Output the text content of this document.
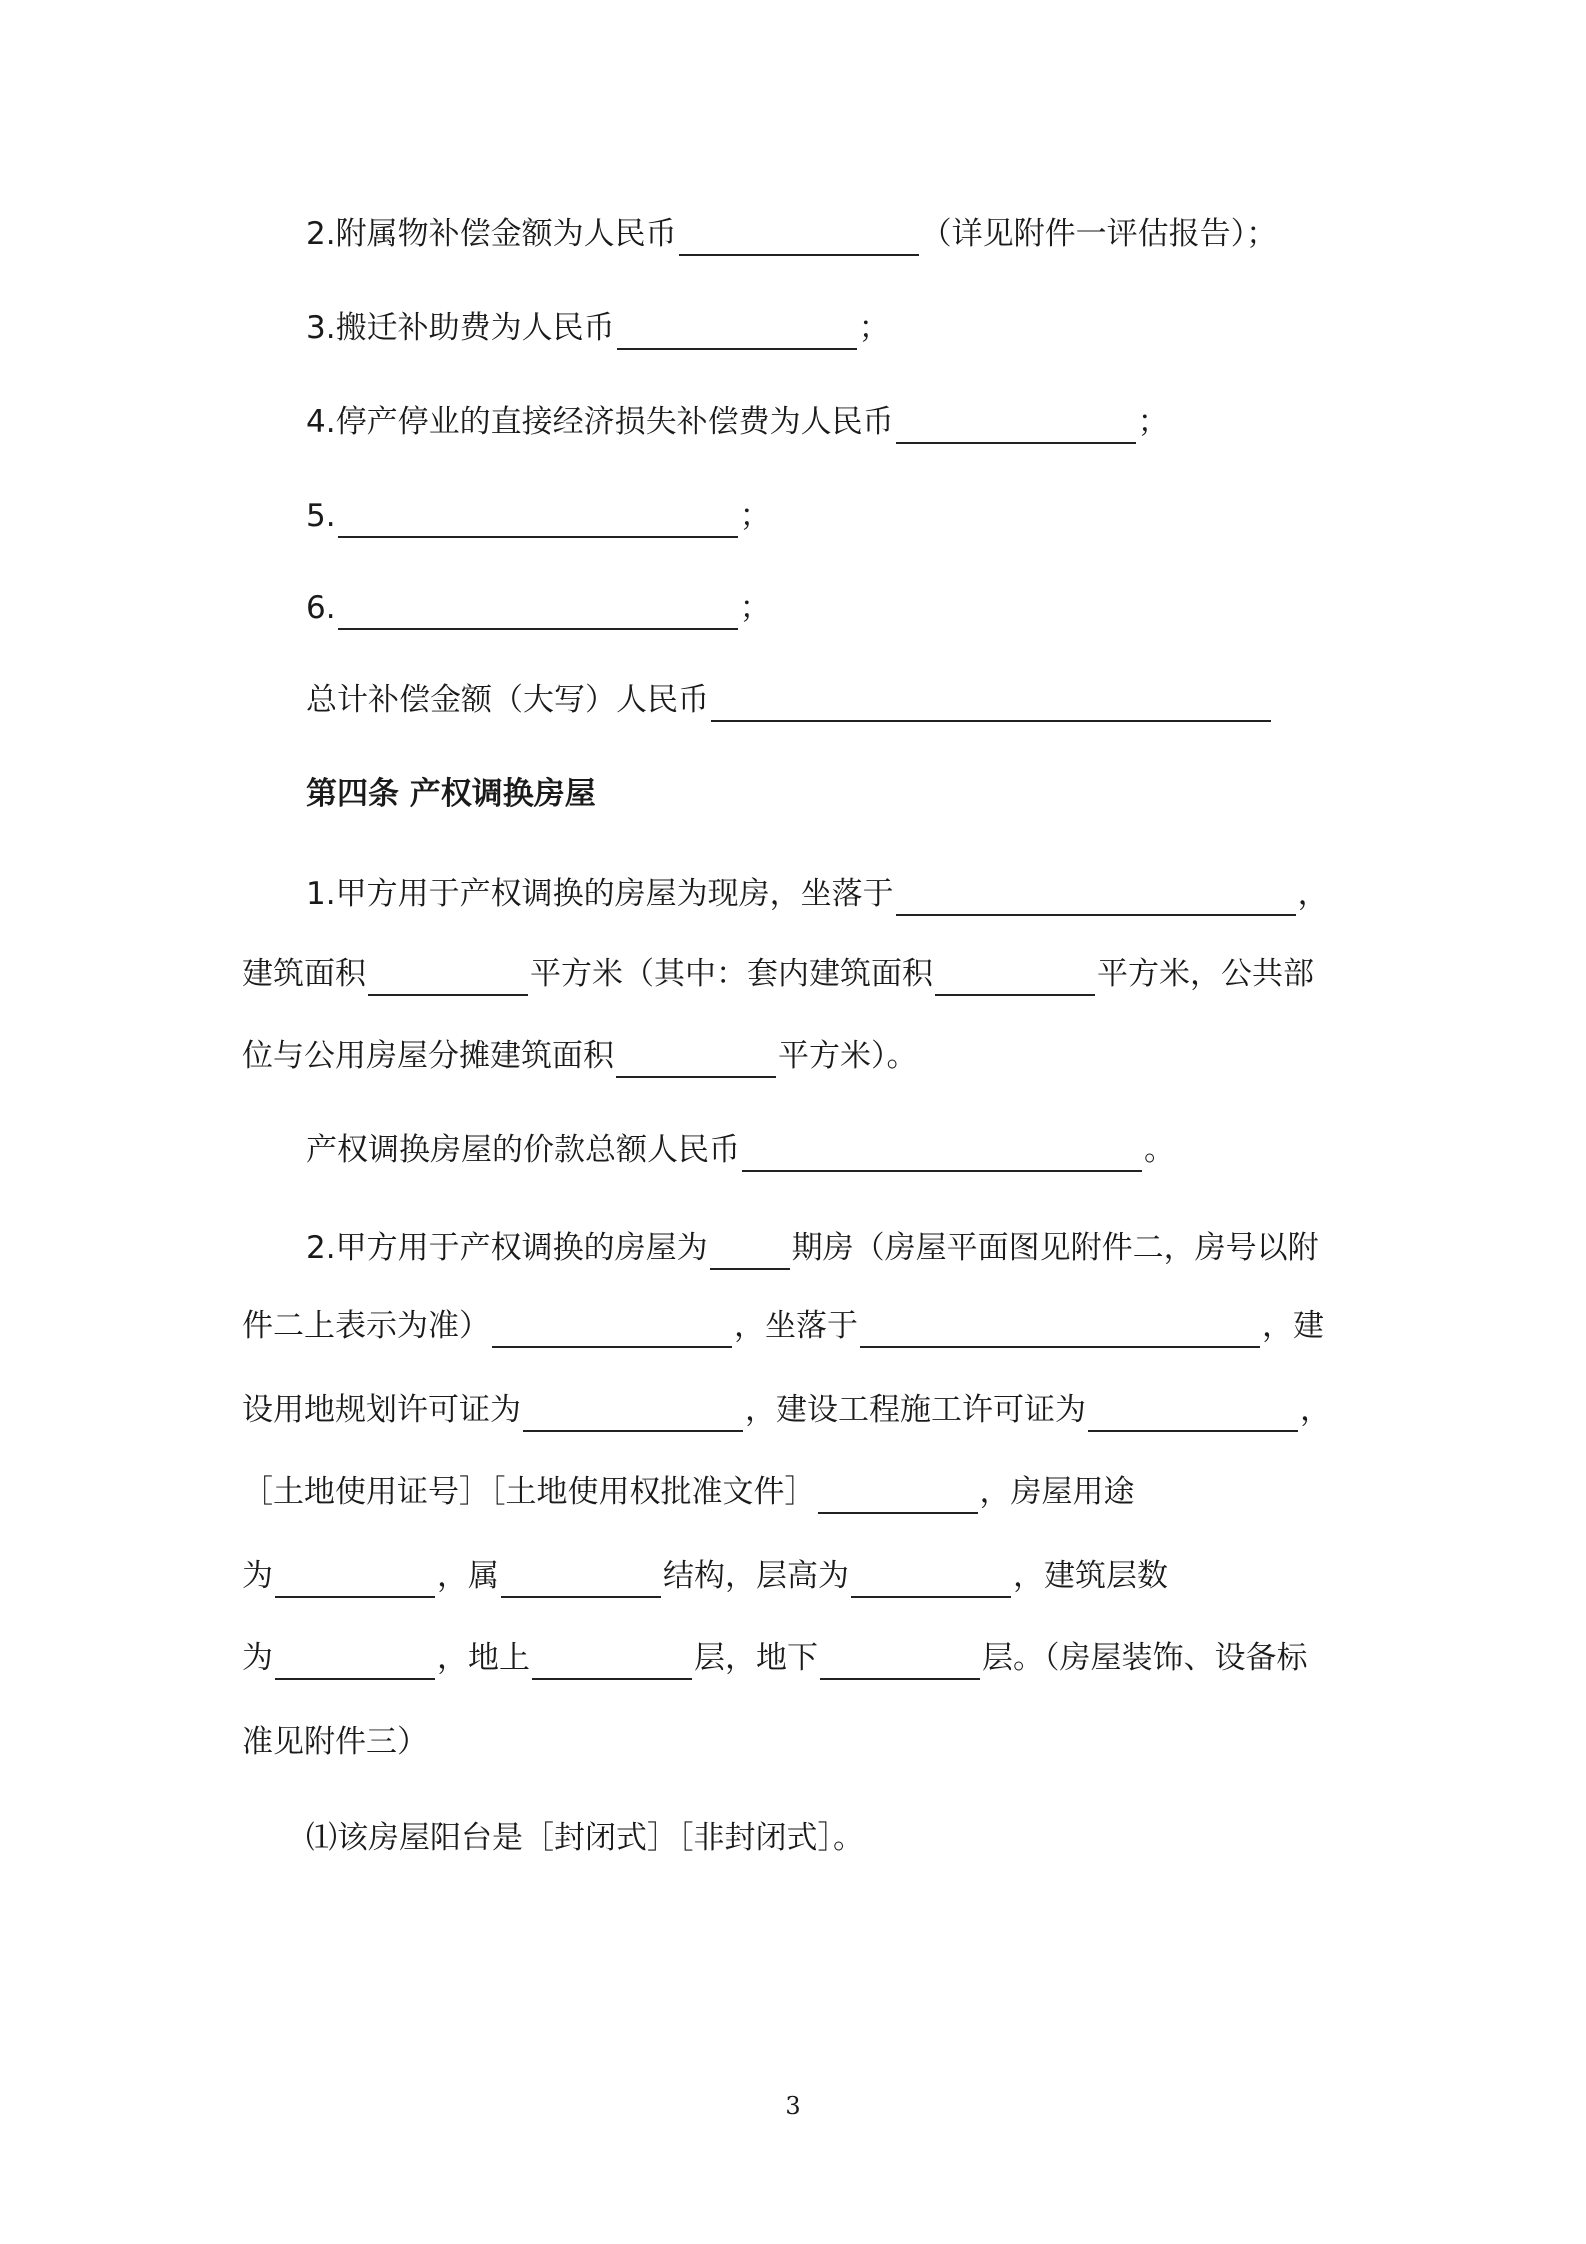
2.附属物补偿金额为人民币	（详见附件一评估报告）；
3.搬迁补助费为人民币	；
4.停产停业的直接经济损失补偿费为人民币	；
5.	；
6.	；
总计补偿金额（大写）人民币
第四条 产权调换房屋
1.甲方用于产权调换的房屋为现房，坐落于	，
建筑面积	平方米（其中：套内建筑面积	平方米，公共部
位与公用房屋分摊建筑面积	平方米）。
产权调换房屋的价款总额人民币	。
2.甲方用于产权调换的房屋为	期房（房屋平面图见附件二，房号以附
件二上表示为准）	，坐落于	，建
设用地规划许可证为	，建设工程施工许可证为	，
［土地使用证号］［土地使用权批准文件］	，房屋用途
为	，属	结构，层高为	，建筑层数
为	，地上	层，地下	层。（房屋装饰、设备标
准见附件三）
⑴该房屋阳台是［封闭式］［非封闭式］。
3
